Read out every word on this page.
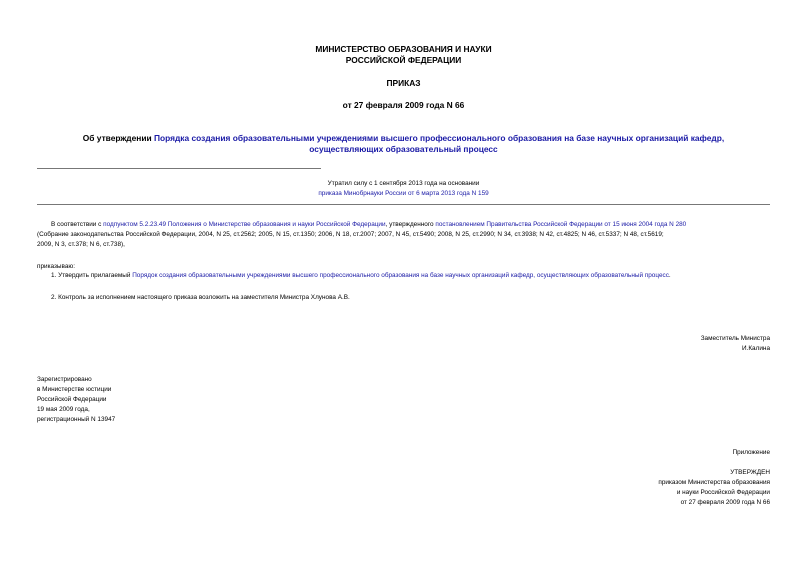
МИНИСТЕРСТВО ОБРАЗОВАНИЯ И НАУКИ
РОССИЙСКОЙ ФЕДЕРАЦИИ
ПРИКАЗ
от 27 февраля 2009 года N 66
Об утверждении Порядка создания образовательными учреждениями высшего профессионального образования на базе научных организаций кафедр,
осуществляющих образовательный процесс
Утратил силу с 1 сентября 2013 года на основании
приказа Минобрнауки России от 6 марта 2013 года N 159
В соответствии с подпунктом 5.2.23.49 Положения о Министерстве образования и науки Российской Федерации, утвержденного постановлением Правительства Российской Федерации от 15 июня 2004 года N 280
(Собрание законодательства Российской Федерации, 2004, N 25, ст.2562; 2005, N 15, ст.1350; 2006, N 18, ст.2007; 2007, N 45, ст.5490; 2008, N 25, ст.2990; N 34, ст.3938; N 42, ст.4825; N 46, ст.5337; N 48, ст.5619;
2009, N 3, ст.378; N 6, ст.738),
приказываю:
1. Утвердить прилагаемый Порядок создания образовательными учреждениями высшего профессионального образования на базе научных организаций кафедр, осуществляющих образовательный процесс.
2. Контроль за исполнением настоящего приказа возложить на заместителя Министра Хлунова А.В.
Заместитель Министра
И.Калина
Зарегистрировано
в Министерстве юстиции
Российской Федерации
19 мая 2009 года,
регистрационный N 13947
Приложение
УТВЕРЖДЕН
приказом Министерства образования
и науки Российской Федерации
от 27 февраля 2009 года N 66
